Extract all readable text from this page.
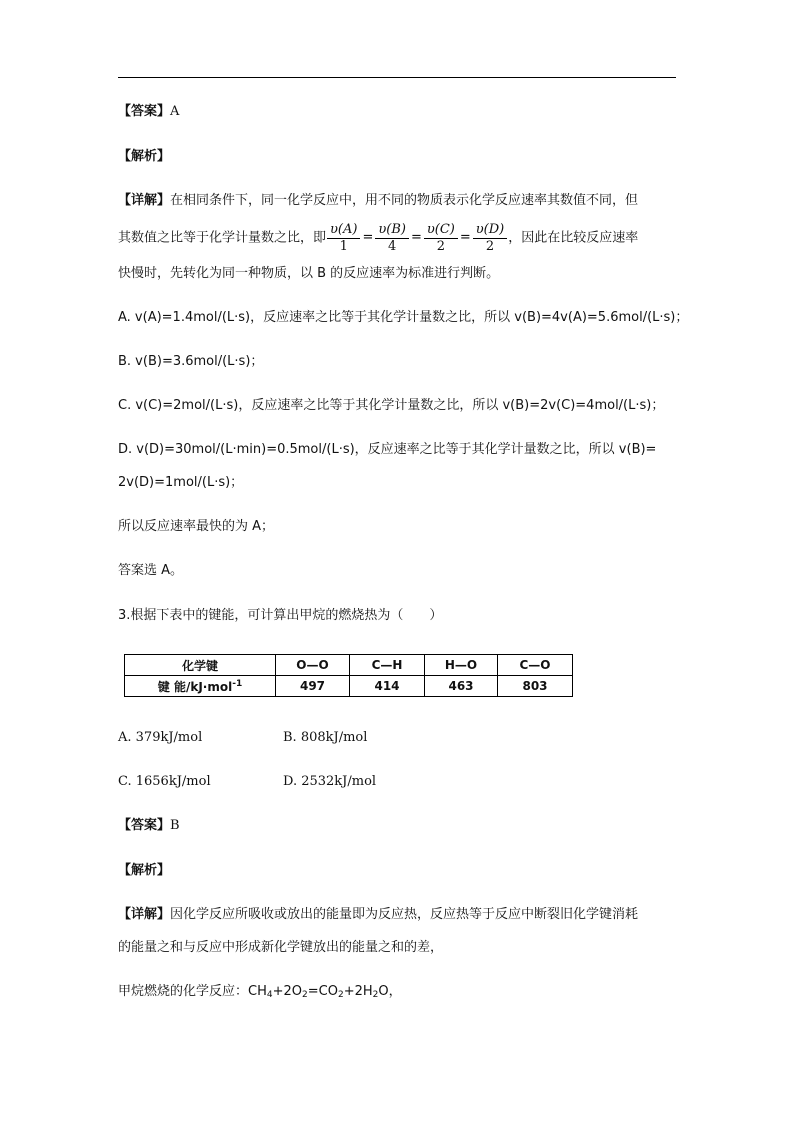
【答案】A
【解析】
【详解】在相同条件下，同一化学反应中，用不同的物质表示化学反应速率其数值不同，但
其数值之比等于化学计量数之比，即 $\frac{\upsilon(A)}{1} = \frac{\upsilon(B)}{4} = \frac{\upsilon(C)}{2} = \frac{\upsilon(D)}{2}$ ，因此在比较反应速率
快慢时，先转化为同一种物质，以 B 的反应速率为标准进行判断。
A. v(A)=1.4mol/(L·s)，反应速率之比等于其化学计量数之比，所以 v(B)=4v(A)=5.6mol/(L·s)；
B. v(B)=3.6mol/(L·s)；
C. v(C)=2mol/(L·s)，反应速率之比等于其化学计量数之比，所以 v(B)=2v(C)=4mol/(L·s)；
D. v(D)=30mol/(L·min)=0.5mol/(L·s)，反应速率之比等于其化学计量数之比，所以 v(B)=
2v(D)=1mol/(L·s)；
所以反应速率最快的为 A；
答案选 A。
3.根据下表中的键能，可计算出甲烷的燃烧热为（　　）
化学键	O—O	C—H	H—O	C—O
键 能/kJ·mol$^{-1}$	497	414	463	803
A. 379kJ/mol	B. 808kJ/mol
C. 1656kJ/mol	D. 2532kJ/mol
【答案】B
【解析】
【详解】因化学反应所吸收或放出的能量即为反应热，反应热等于反应中断裂旧化学键消耗
的能量之和与反应中形成新化学键放出的能量之和的差，
甲烷燃烧的化学反应：$CH_4+2O_2=CO_2+2H_2O$，
